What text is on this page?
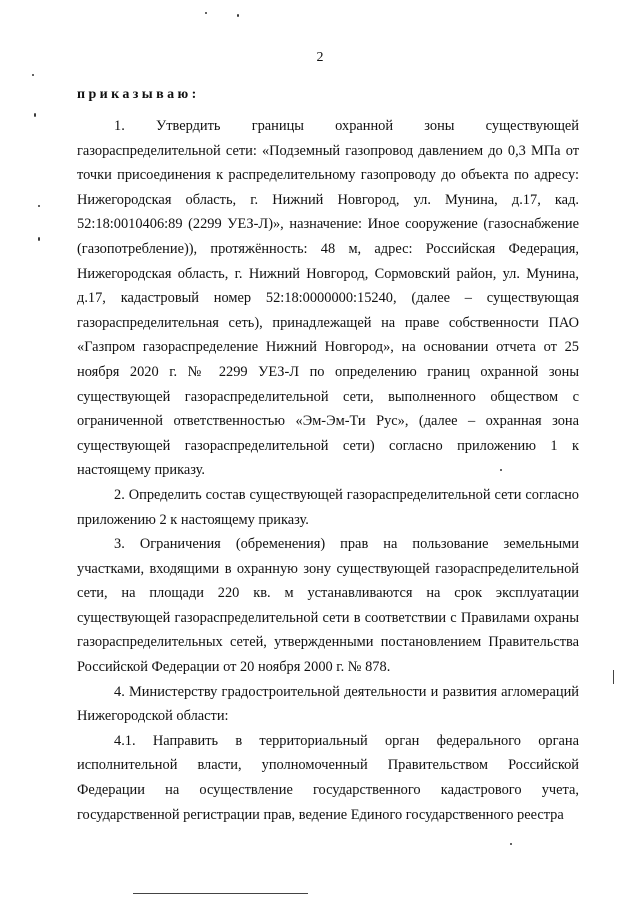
2
приказываю:

1. Утвердить границы охранной зоны существующей газораспределительной сети: «Подземный газопровод давлением до 0,3 МПа от точки присоединения к распределительному газопроводу до объекта по адресу: Нижегородская область, г. Нижний Новгород, ул. Мунина, д.17, кад. 52:18:0010406:89 (2299 УЕЗ-Л)», назначение: Иное сооружение (газоснабжение (газопотребление)), протяжённость: 48 м, адрес: Российская Федерация, Нижегородская область, г. Нижний Новгород, Сормовский район, ул. Мунина, д.17, кадастровый номер 52:18:0000000:15240, (далее – существующая газораспределительная сеть), принадлежащей на праве собственности ПАО «Газпром газораспределение Нижний Новгород», на основании отчета от 25 ноября 2020 г. № 2299 УЕЗ-Л по определению границ охранной зоны существующей газораспределительной сети, выполненного обществом с ограниченной ответственностью «Эм-Эм-Ти Рус», (далее – охранная зона существующей газораспределительной сети) согласно приложению 1 к настоящему приказу.

2. Определить состав существующей газораспределительной сети согласно приложению 2 к настоящему приказу.

3. Ограничения (обременения) прав на пользование земельными участками, входящими в охранную зону существующей газораспределительной сети, на площади 220 кв. м устанавливаются на срок эксплуатации существующей газораспределительной сети в соответствии с Правилами охраны газораспределительных сетей, утвержденными постановлением Правительства Российской Федерации от 20 ноября 2000 г. № 878.

4. Министерству градостроительной деятельности и развития агломераций Нижегородской области:

4.1. Направить в территориальный орган федерального органа исполнительной власти, уполномоченный Правительством Российской Федерации на осуществление государственного кадастрового учета, государственной регистрации прав, ведение Единого государственного реестра
